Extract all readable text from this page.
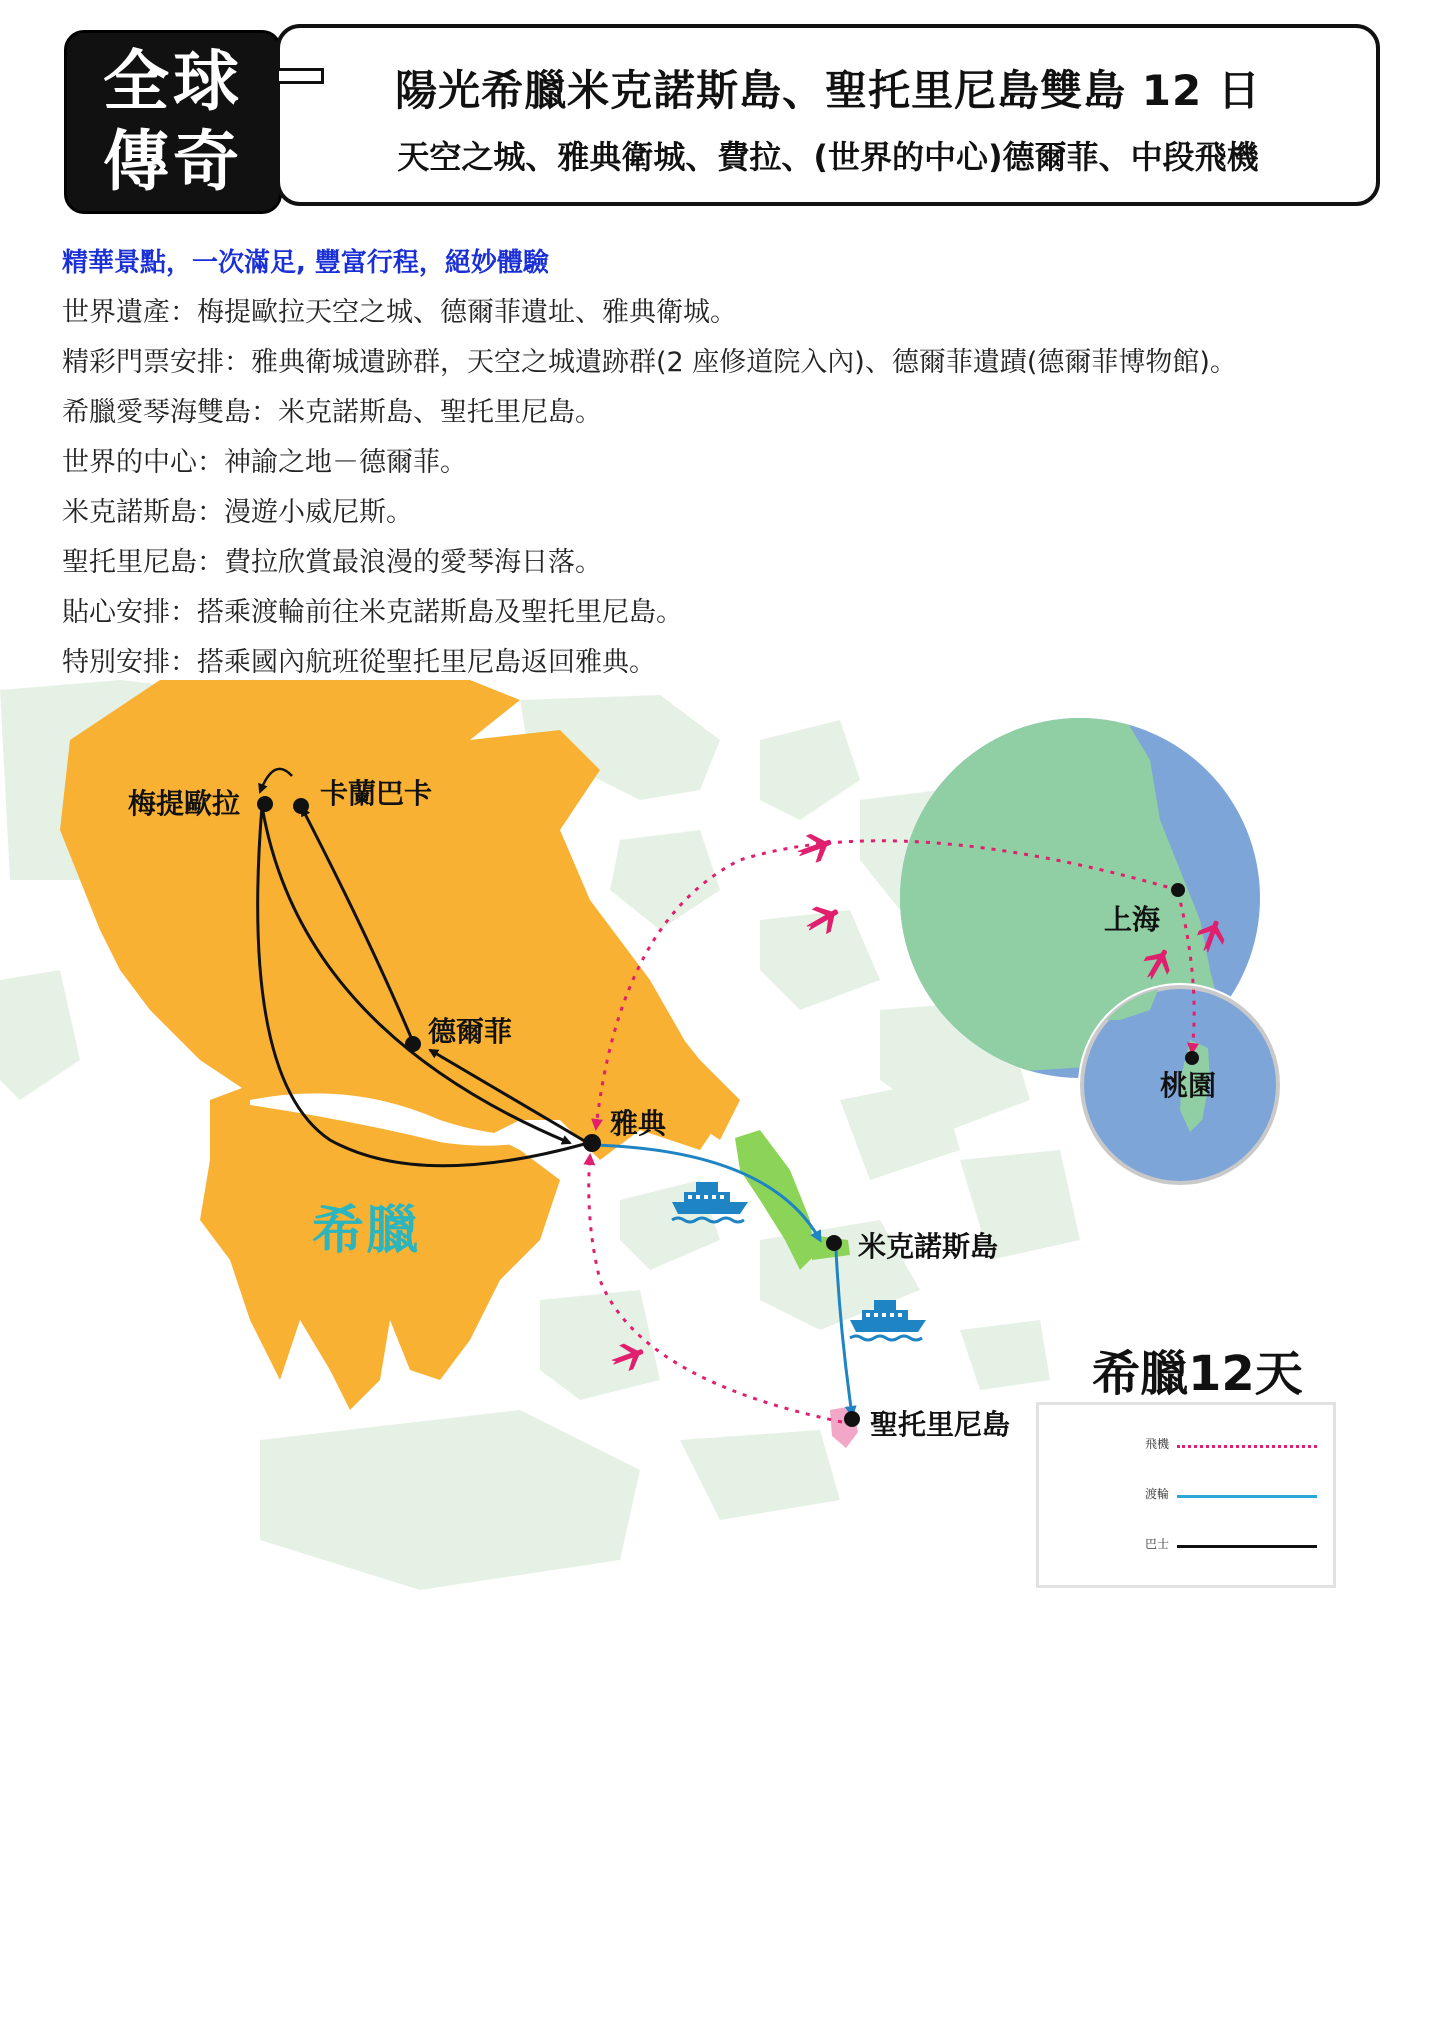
全球
傳奇
陽光希臘米克諾斯島、聖托里尼島雙島 12 日
天空之城、雅典衛城、費拉、(世界的中心)德爾菲、中段飛機
精華景點，一次滿足, 豐富行程，絕妙體驗
世界遺產：梅提歐拉天空之城、德爾菲遺址、雅典衛城。
精彩門票安排：雅典衛城遺跡群，天空之城遺跡群(2 座修道院入內)、德爾菲遺蹟(德爾菲博物館)。
希臘愛琴海雙島：米克諾斯島、聖托里尼島。
世界的中心：神諭之地－德爾菲。
米克諾斯島：漫遊小威尼斯。
聖托里尼島：費拉欣賞最浪漫的愛琴海日落。
貼心安排：搭乘渡輪前往米克諾斯島及聖托里尼島。
特別安排：搭乘國內航班從聖托里尼島返回雅典。
梅提歐拉	卡蘭巴卡
德爾菲
雅典
米克諾斯島
聖托里尼島
上海
桃園
希臘
希臘12天
飛機
渡輪
巴士
